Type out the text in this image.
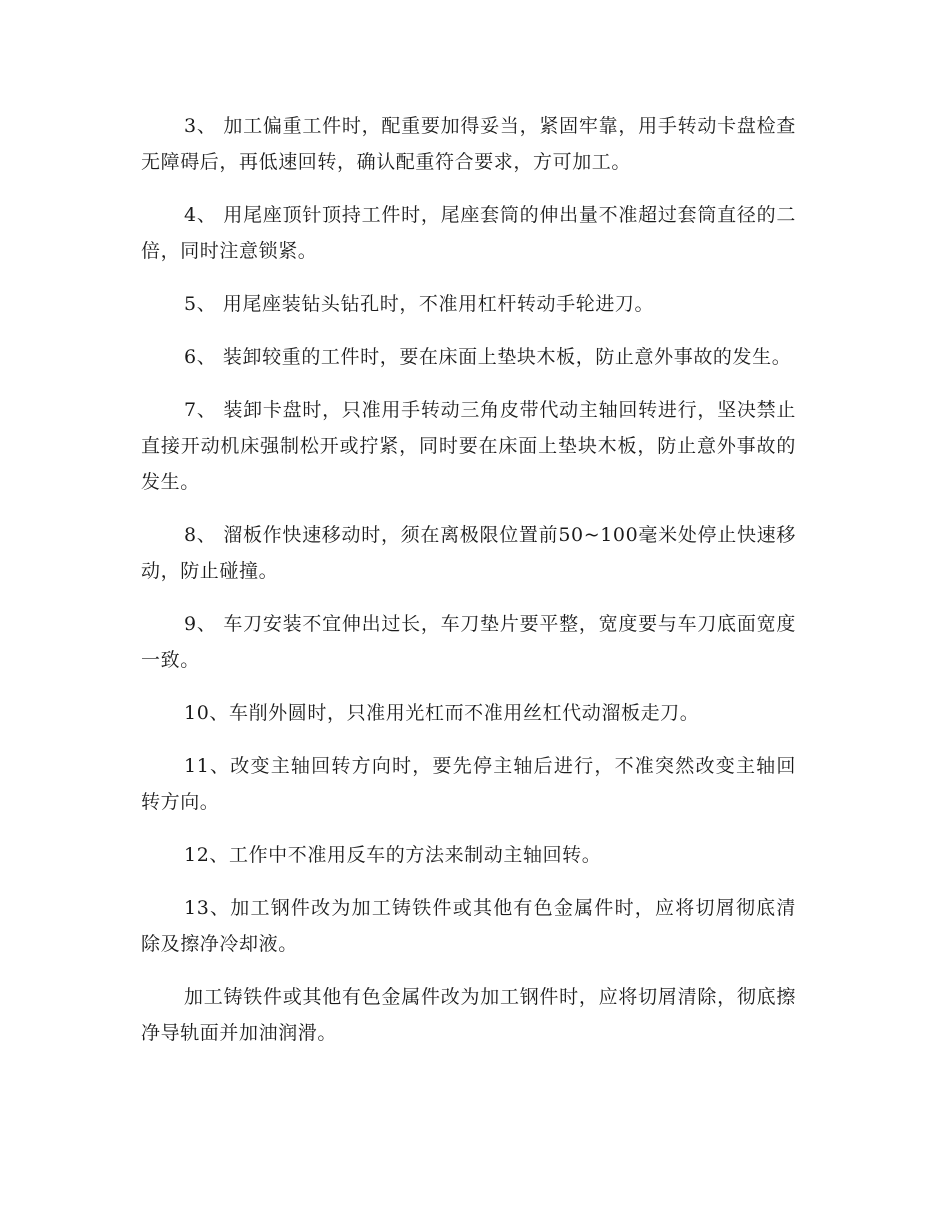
3、 加工偏重工件时，配重要加得妥当，紧固牢靠，用手转动卡盘检查无障碍后，再低速回转，确认配重符合要求，方可加工。

4、 用尾座顶针顶持工件时，尾座套筒的伸出量不准超过套筒直径的二倍，同时注意锁紧。

5、 用尾座装钻头钻孔时，不准用杠杆转动手轮进刀。

6、 装卸较重的工件时，要在床面上垫块木板，防止意外事故的发生。

7、 装卸卡盘时，只准用手转动三角皮带代动主轴回转进行，坚决禁止直接开动机床强制松开或拧紧，同时要在床面上垫块木板，防止意外事故的发生。

8、 溜板作快速移动时，须在离极限位置前50~100毫米处停止快速移动，防止碰撞。

9、 车刀安装不宜伸出过长，车刀垫片要平整，宽度要与车刀底面宽度一致。

10、车削外圆时，只准用光杠而不准用丝杠代动溜板走刀。

11、改变主轴回转方向时，要先停主轴后进行，不准突然改变主轴回转方向。

12、工作中不准用反车的方法来制动主轴回转。

13、加工钢件改为加工铸铁件或其他有色金属件时，应将切屑彻底清除及擦净冷却液。

加工铸铁件或其他有色金属件改为加工钢件时，应将切屑清除，彻底擦净导轨面并加油润滑。
